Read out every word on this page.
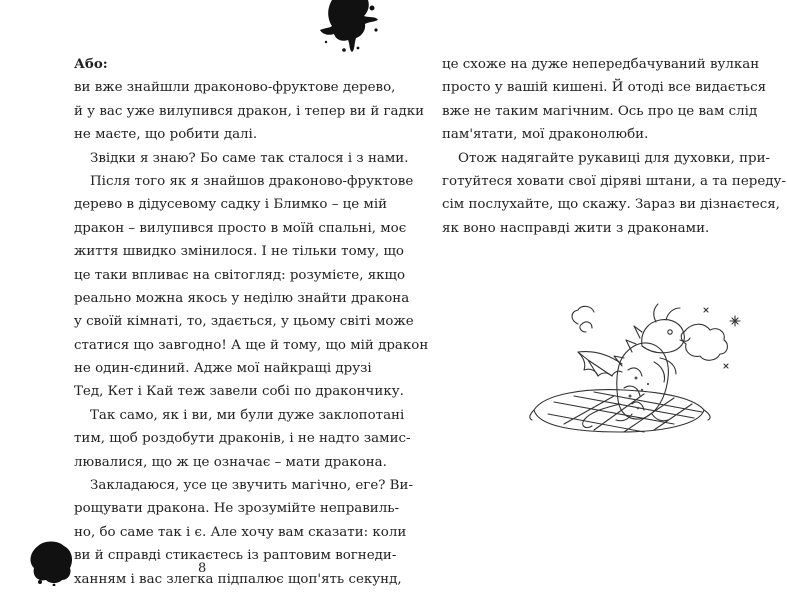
Або:

ви вже знайшли драконово-фруктове дерево,
й у вас уже вилупився дракон, і тепер ви й гадки
не маєте, що робити далі.

Звідки я знаю? Бо саме так сталося і з нами.

Після того як я знайшов драконово-фруктове
дерево в дідусевому садку і Блимко – це мій
дракон – вилупився просто в моїй спальні, моє
життя швидко змінилося. І не тільки тому, що
це таки впливає на світогляд: розумієте, якщо
реально можна якось у неділю знайти дракона
у своїй кімнаті, то, здається, у цьому світі може
статися що завгодно! А ще й тому, що мій дракон
не один-єдиний. Адже мої найкращі друзі
Тед, Кет і Кай теж завели собі по дракончику.

Так само, як і ви, ми були дуже заклопотані
тим, щоб роздобути драконів, і не надто замис-
лювалися, що ж це означає – мати дракона.

Закладаюся, усе це звучить магічно, еге? Ви-
рощувати дракона. Не зрозумійте неправиль-
но, бо саме так і є. Але хочу вам сказати: коли
ви й справді стикаєтесь із раптовим вогнеди-
ханням і вас злегка підпалює щоп'ять секунд,

8

це схоже на дуже непередбачуваний вулкан
просто у вашій кишені. Й отоді все видається
вже не таким магічним. Ось про це вам слід
пам'ятати, мої драконолюби.

Отож надягайте рукавиці для духовки, при-
готуйтеся ховати свої діряві штани, а та переду-
сім послухайте, що скажу. Зараз ви дізнаєтеся,
як воно насправді жити з драконами.
